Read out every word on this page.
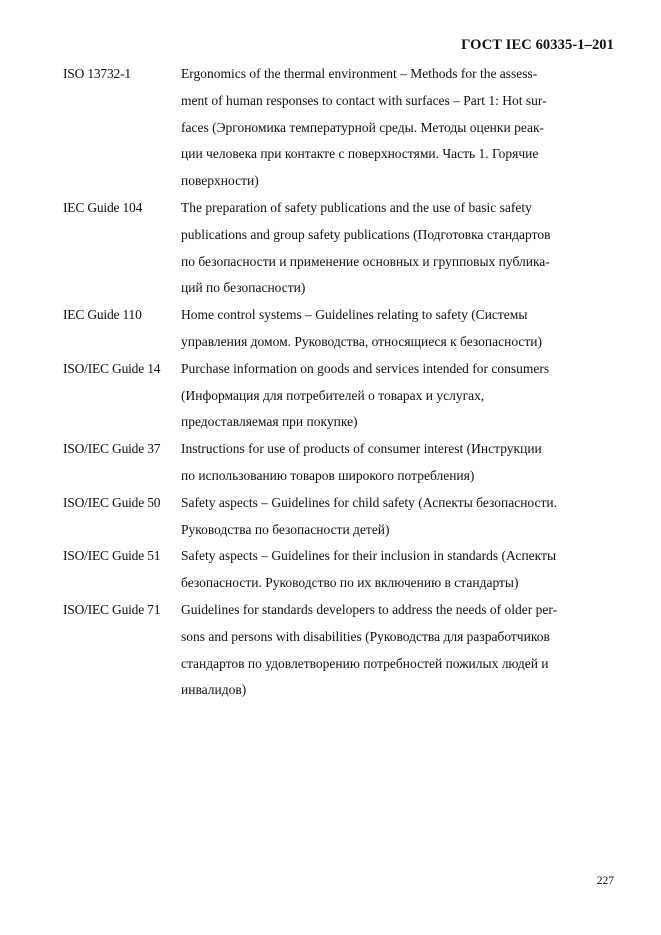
ГОСТ IEC 60335-1–201
ISO 13732-1	Ergonomics of the thermal environment – Methods for the assess-
ment of human responses to contact with surfaces – Part 1: Hot sur-
faces (Эргономика температурной среды. Методы оценки реак-
ции человека при контакте с поверхностями. Часть 1. Горячие
поверхности)
IEC Guide 104	The preparation of safety publications and the use of basic safety
publications and group safety publications (Подготовка стандартов
по безопасности и применение основных и групповых публика-
ций по безопасности)
IEC Guide 110	Home control systems – Guidelines relating to safety (Системы
управления домом. Руководства, относящиеся к безопасности)
ISO/IEC Guide 14	Purchase information on goods and services intended for consumers
(Информация для потребителей о товарах и услугах,
предоставляемая при покупке)
ISO/IEC Guide 37	Instructions for use of products of consumer interest (Инструкции
по использованию товаров широкого потребления)
ISO/IEC Guide 50	Safety aspects – Guidelines for child safety (Аспекты безопасности.
Руководства по безопасности детей)
ISO/IEC Guide 51	Safety aspects – Guidelines for their inclusion in standards (Аспекты
безопасности. Руководство по их включению в стандарты)
ISO/IEC Guide 71	Guidelines for standards developers to address the needs of older per-
sons and persons with disabilities (Руководства для разработчиков
стандартов по удовлетворению потребностей пожилых людей и
инвалидов)
227
